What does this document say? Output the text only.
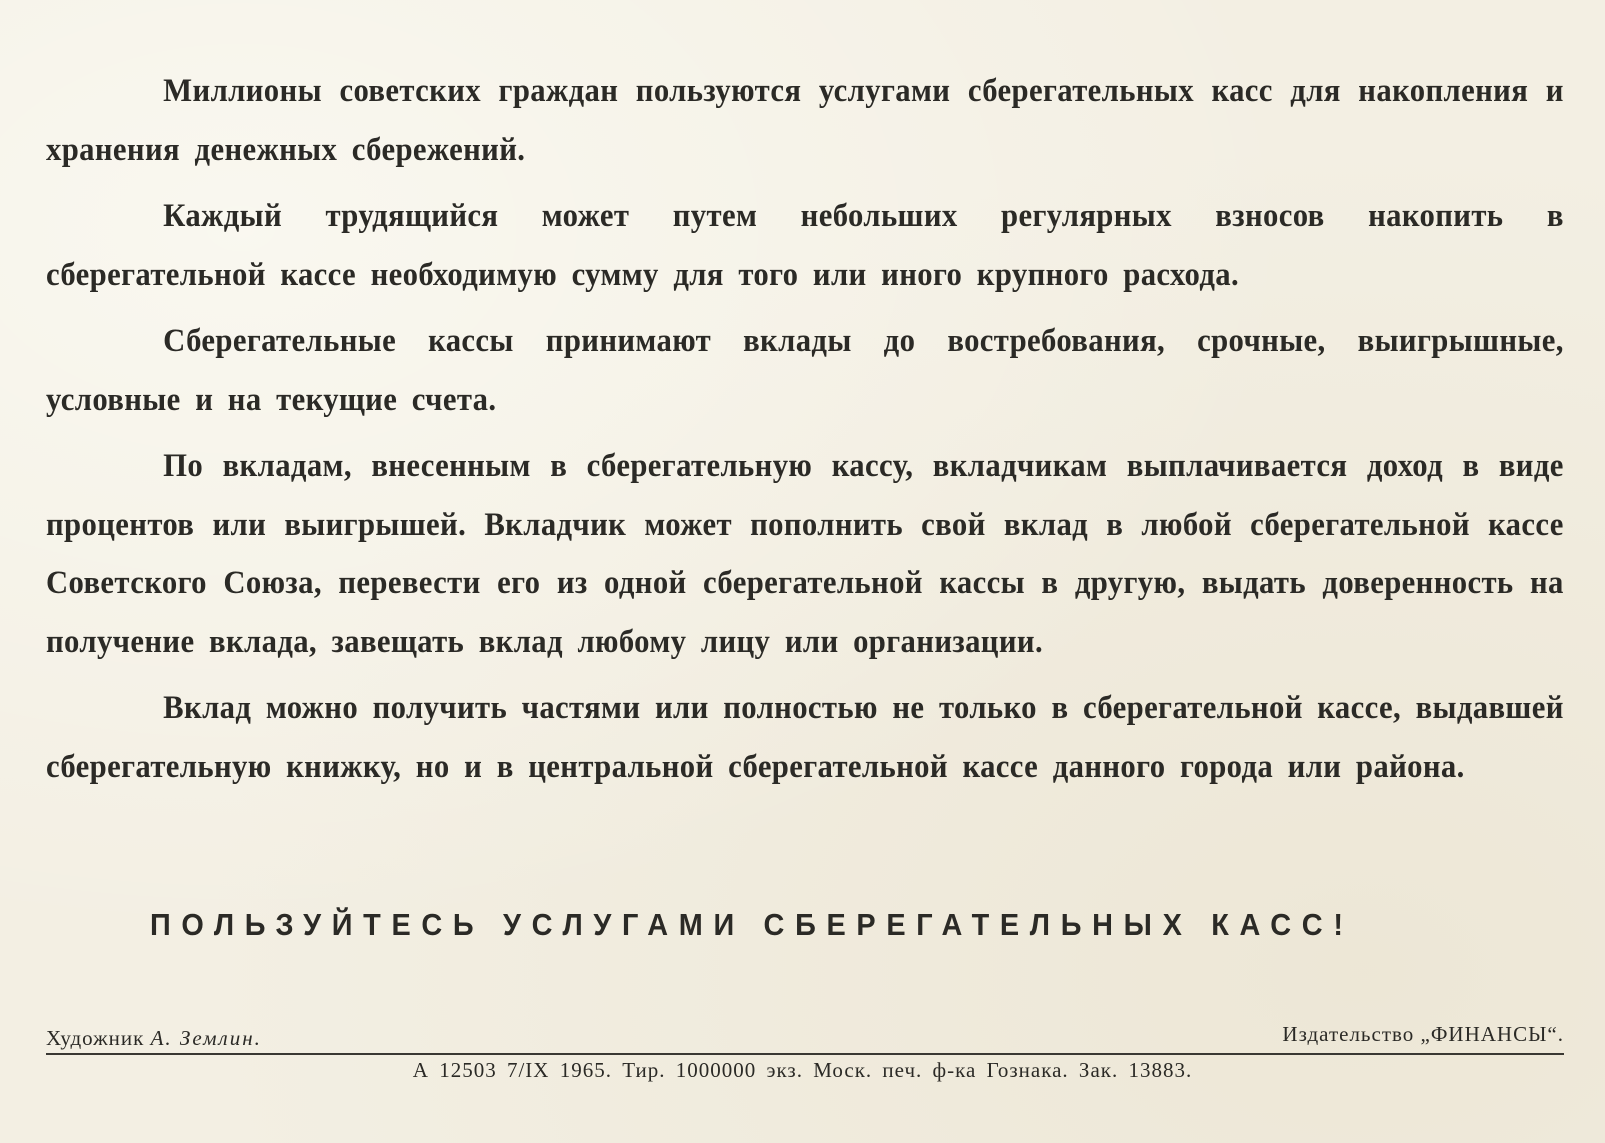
Миллионы советских граждан пользуются услугами сберегательных касс для накопления и хранения денежных сбережений.

Каждый трудящийся может путем небольших регулярных взносов накопить в сберегательной кассе необходимую сумму для того или иного крупного расхода.

Сберегательные кассы принимают вклады до востребования, срочные, выигрышные, условные и на текущие счета.

По вкладам, внесенным в сберегательную кассу, вкладчикам выплачивается доход в виде процентов или выигрышей. Вкладчик может пополнить свой вклад в любой сберегательной кассе Советского Союза, перевести его из одной сберегательной кассы в другую, выдать доверенность на получение вклада, завещать вклад любому лицу или организации.

Вклад можно получить частями или полностью не только в сберегательной кассе, выдавшей сберегательную книжку, но и в центральной сберегательной кассе данного города или района.

ПОЛЬЗУЙТЕСЬ УСЛУГАМИ СБЕРЕГАТЕЛЬНЫХ КАСС!
Художник А. Землин.	Издательство „ФИНАНСЫ“.
А 12503 7/IX 1965. Тир. 1000000 экз. Моск. печ. ф-ка Гознака. Зак. 13883.
